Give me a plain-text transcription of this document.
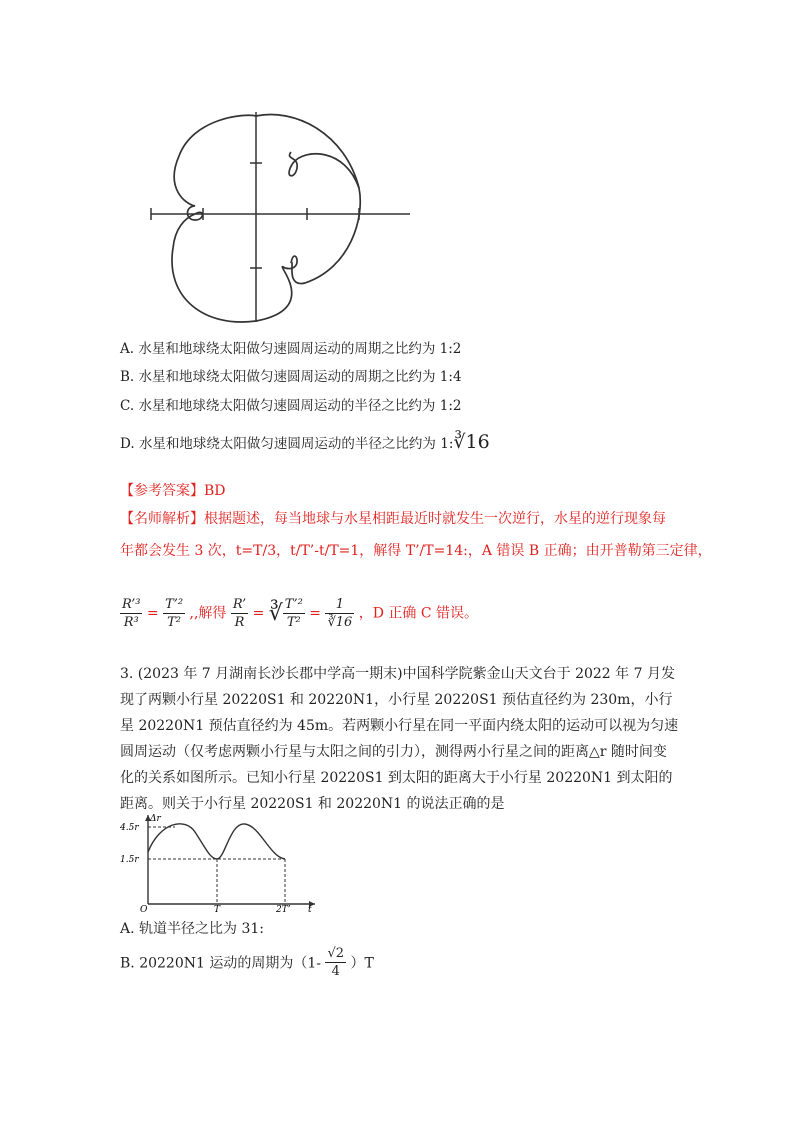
A. 水星和地球绕太阳做匀速圆周运动的周期之比约为 1:2
B. 水星和地球绕太阳做匀速圆周运动的周期之比约为 1:4
C. 水星和地球绕太阳做匀速圆周运动的半径之比约为 1:2
D. 水星和地球绕太阳做匀速圆周运动的半径之比约为 1:∛16
【参考答案】BD
【名师解析】根据题述，每当地球与水星相距最近时就发生一次逆行，水星的逆行现象每
年都会发生 3 次，t=T/3，t/T’-t/T=1，解得 T’/T=14:，A 错误 B 正确；由开普勒第三定律，
$\frac{\text{R’³}}{\text{R³}} = \frac{\text{T’²}}{\text{T²}}$ ,,解得 $\frac{R’}{R}$ = ∛ $\frac{\text{T’²}}{\text{T²}} = \frac{1}{∛16}$ ，D 正确 C 错误。
3. (2023 年 7 月湖南长沙长郡中学高一期末)中国科学院紫金山天文台于 2022 年 7 月发现了两颗小行星 20220S1 和 20220N1，小行星 20220S1 预估直径约为 230m，小行星 20220N1 预估直径约为 45m。若两颗小行星在同一平面内绕太阳的运动可以视为匀速圆周运动（仅考虑两颗小行星与太阳之间的引力），测得两小行星之间的距离△r 随时间变化的关系如图所示。已知小行星 20220S1 到太阳的距离大于小行星 20220N1 到太阳的距离。则关于小行星 20220S1 和 20220N1 的说法正确的是
Δr
4.5r
1.5r
O	T	2T’ t
A. 轨道半径之比为 31:
B. 20220N1 运动的周期为$(1- \frac{√2}{4} )T$
